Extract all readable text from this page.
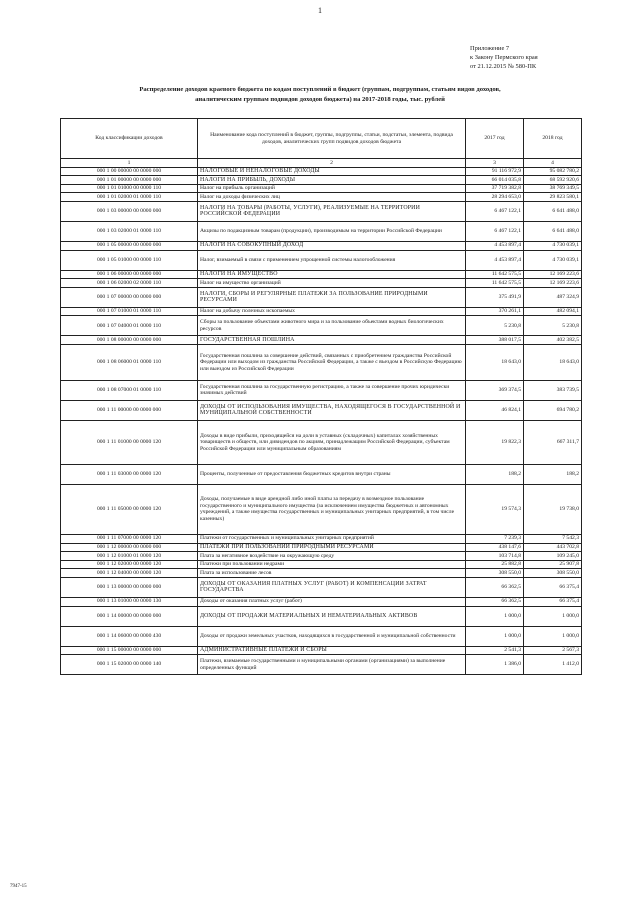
1
Приложение 7
к Закону Пермского края
от 21.12.2015 № 580-ПК
Распределение доходов краевого бюджета по кодам поступлений в бюджет (группам, подгруппам, статьям видов доходов,
аналитическим группам подвидов доходов бюджета) на 2017-2018 годы, тыс. рублей
Код классификации доходов	Наименование кода поступлений в бюджет, группы, подгруппы, статьи, подстатьи, элемента, подвида доходов, аналитических групп подвидов доходов бюджета	2017 год	2018 год
1	2	3	4
000 1 00 00000 00 0000 000	НАЛОГОВЫЕ И НЕНАЛОГОВЫЕ ДОХОДЫ	91 116 972,9	95 082 780,2
000 1 01 00000 00 0000 000	НАЛОГИ НА ПРИБЫЛЬ, ДОХОДЫ	66 014 035,8	68 592 920,6
000 1 01 01000 00 0000 110	Налог на прибыль организаций	37 719 382,8	38 769 349,5
000 1 01 02000 01 0000 110	Налог на доходы физических лиц	28 294 653,0	29 823 580,1
000 1 03 00000 00 0000 000	НАЛОГИ НА ТОВАРЫ (РАБОТЫ, УСЛУГИ), РЕАЛИЗУЕМЫЕ НА ТЕРРИТОРИИ РОССИЙСКОЙ ФЕДЕРАЦИИ	6 467 122,1	6 641 488,0
000 1 03 02000 01 0000 110	Акцизы по подакцизным товарам (продукции), производимым на территории Российской Федерации	6 467 122,1	6 641 488,0
000 1 05 00000 00 0000 000	НАЛОГИ НА СОВОКУПНЫЙ ДОХОД	4 453 897,4	4 730 039,1
000 1 05 01000 00 0000 110	Налог, взимаемый в связи с применением упрощенной системы налогообложения	4 453 897,4	4 730 039,1
000 1 06 00000 00 0000 000	НАЛОГИ НА ИМУЩЕСТВО	11 642 575,5	12 169 223,6
000 1 06 02000 02 0000 110	Налог на имущество организаций	11 642 575,5	12 169 223,6
000 1 07 00000 00 0000 000	НАЛОГИ, СБОРЫ И РЕГУЛЯРНЫЕ ПЛАТЕЖИ ЗА ПОЛЬЗОВАНИЕ ПРИРОДНЫМИ РЕСУРСАМИ	375 491,9	487 324,9
000 1 07 01000 01 0000 110	Налог на добычу полезных ископаемых	370 261,1	482 094,1
000 1 07 04000 01 0000 110	Сборы за пользование объектами животного мира и за пользование объектами водных биологических ресурсов	5 230,8	5 230,8
000 1 08 00000 00 0000 000	ГОСУДАРСТВЕННАЯ ПОШЛИНА	388 017,5	402 382,5
000 1 08 06000 01 0000 110	Государственная пошлина за совершение действий, связанных с приобретением гражданства Российской Федерации или выходом из гражданства Российской Федерации, а также с въездом в Российскую Федерацию или выездом из Российской Федерации	18 643,0	18 643,0
000 1 08 07000 01 0000 110	Государственная пошлина за государственную регистрацию, а также за совершение прочих юридически значимых действий	369 374,5	383 739,5
000 1 11 00000 00 0000 000	ДОХОДЫ ОТ ИСПОЛЬЗОВАНИЯ ИМУЩЕСТВА, НАХОДЯЩЕГОСЯ В ГОСУДАРСТВЕННОЙ И МУНИЦИПАЛЬНОЙ СОБСТВЕННОСТИ	46 824,1	694 780,2
000 1 11 01000 00 0000 120	Доходы в виде прибыли, приходящейся на доли в уставных (складочных) капиталах хозяйственных товариществ и обществ, или дивидендов по акциям, принадлежащим Российской Федерации, субъектам Российской Федерации или муниципальным образованиям	19 822,3	667 311,7
000 1 11 03000 00 0000 120	Проценты, полученные от предоставления бюджетных кредитов внутри страны	188,2	188,2
000 1 11 05000 00 0000 120	Доходы, получаемые в виде арендной либо иной платы за передачу в возмездное пользование государственного и муниципального имущества (за исключением имущества бюджетных и автономных учреждений, а также имущества государственных и муниципальных унитарных предприятий, в том числе казенных)	19 574,3	19 738,0
000 1 11 07000 00 0000 120	Платежи от государственных и муниципальных унитарных предприятий	7 239,3	7 542,3
000 1 12 00000 00 0000 000	ПЛАТЕЖИ ПРИ ПОЛЬЗОВАНИИ ПРИРОДНЫМИ РЕСУРСАМИ	438 147,6	443 702,8
000 1 12 01000 01 0000 120	Плата за негативное воздействие на окружающую среду	103 714,8	109 245,0
000 1 12 02000 00 0000 120	Платежи при пользовании недрами	25 882,8	25 907,8
000 1 12 04000 00 0000 120	Плата за использование лесов	308 550,0	308 550,0
000 1 13 00000 00 0000 000	ДОХОДЫ ОТ ОКАЗАНИЯ ПЛАТНЫХ УСЛУГ (РАБОТ) И КОМПЕНСАЦИИ ЗАТРАТ ГОСУДАРСТВА	66 362,5	66 375,4
000 1 13 01000 00 0000 130	Доходы от оказания платных услуг (работ)	66 362,5	66 375,4
000 1 14 00000 00 0000 000	ДОХОДЫ ОТ ПРОДАЖИ МАТЕРИАЛЬНЫХ И НЕМАТЕРИАЛЬНЫХ АКТИВОВ	1 000,0	1 000,0
000 1 14 06000 00 0000 430	Доходы от продажи земельных участков, находящихся в государственной и муниципальной собственности	1 000,0	1 000,0
000 1 15 00000 00 0000 000	АДМИНИСТРАТИВНЫЕ ПЛАТЕЖИ И СБОРЫ	2 541,3	2 567,3
000 1 15 02000 00 0000 140	Платежи, взимаемые государственными и муниципальными органами (организациями) за выполнение определенных функций	1 386,0	1 412,0
7947-15
